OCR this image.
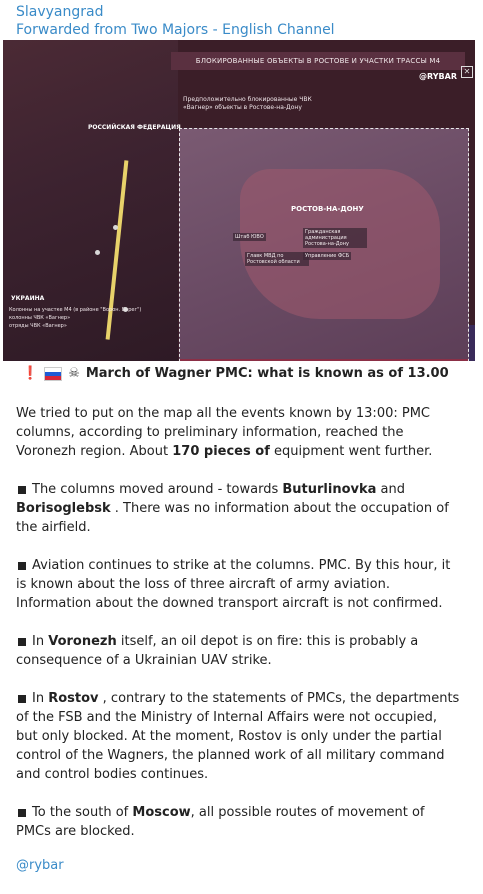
Slavyangrad
Forwarded from Two Majors - English Channel
БЛОКИРОВАННЫЕ ОБЪЕКТЫ В РОСТОВЕ И УЧАСТКИ ТРАССЫ М4
@RYBAR
✕
Предположительно блокированные ЧВК «Вагнер» объекты в Ростове-на-Дону
РОСТОВ-НА-ДОНУ
Штаб ЮВО
Гражданская администрация Ростова-на-Дону
Главк МВД по Ростовской области
Управление ФСБ
РОССИЙСКАЯ ФЕДЕРАЦИЯ
УКРАИНА
Колонны на участке М4 (в районе "Ворон. Берег")
колонны ЧВК «Вагнер»
отряды ЧВК «Вагнер»
❗ ☠ March of Wagner PMC: what is known as of 13.00

We tried to put on the map all the events known by 13:00: PMC columns, according to preliminary information, reached the Voronezh region. About 170 pieces of equipment went further.

The columns moved around - towards Buturlinovka and Borisoglebsk . There was no information about the occupation of the airfield.

Aviation continues to strike at the columns. PMC. By this hour, it is known about the loss of three aircraft of army aviation. Information about the downed transport aircraft is not confirmed.

In Voronezh itself, an oil depot is on fire: this is probably a consequence of a Ukrainian UAV strike.

In Rostov , contrary to the statements of PMCs, the departments of the FSB and the Ministry of Internal Affairs were not occupied, but only blocked. At the moment, Rostov is only under the partial control of the Wagners, the planned work of all military command and control bodies continues.

To the south of Moscow, all possible routes of movement of PMCs are blocked.

@rybar
